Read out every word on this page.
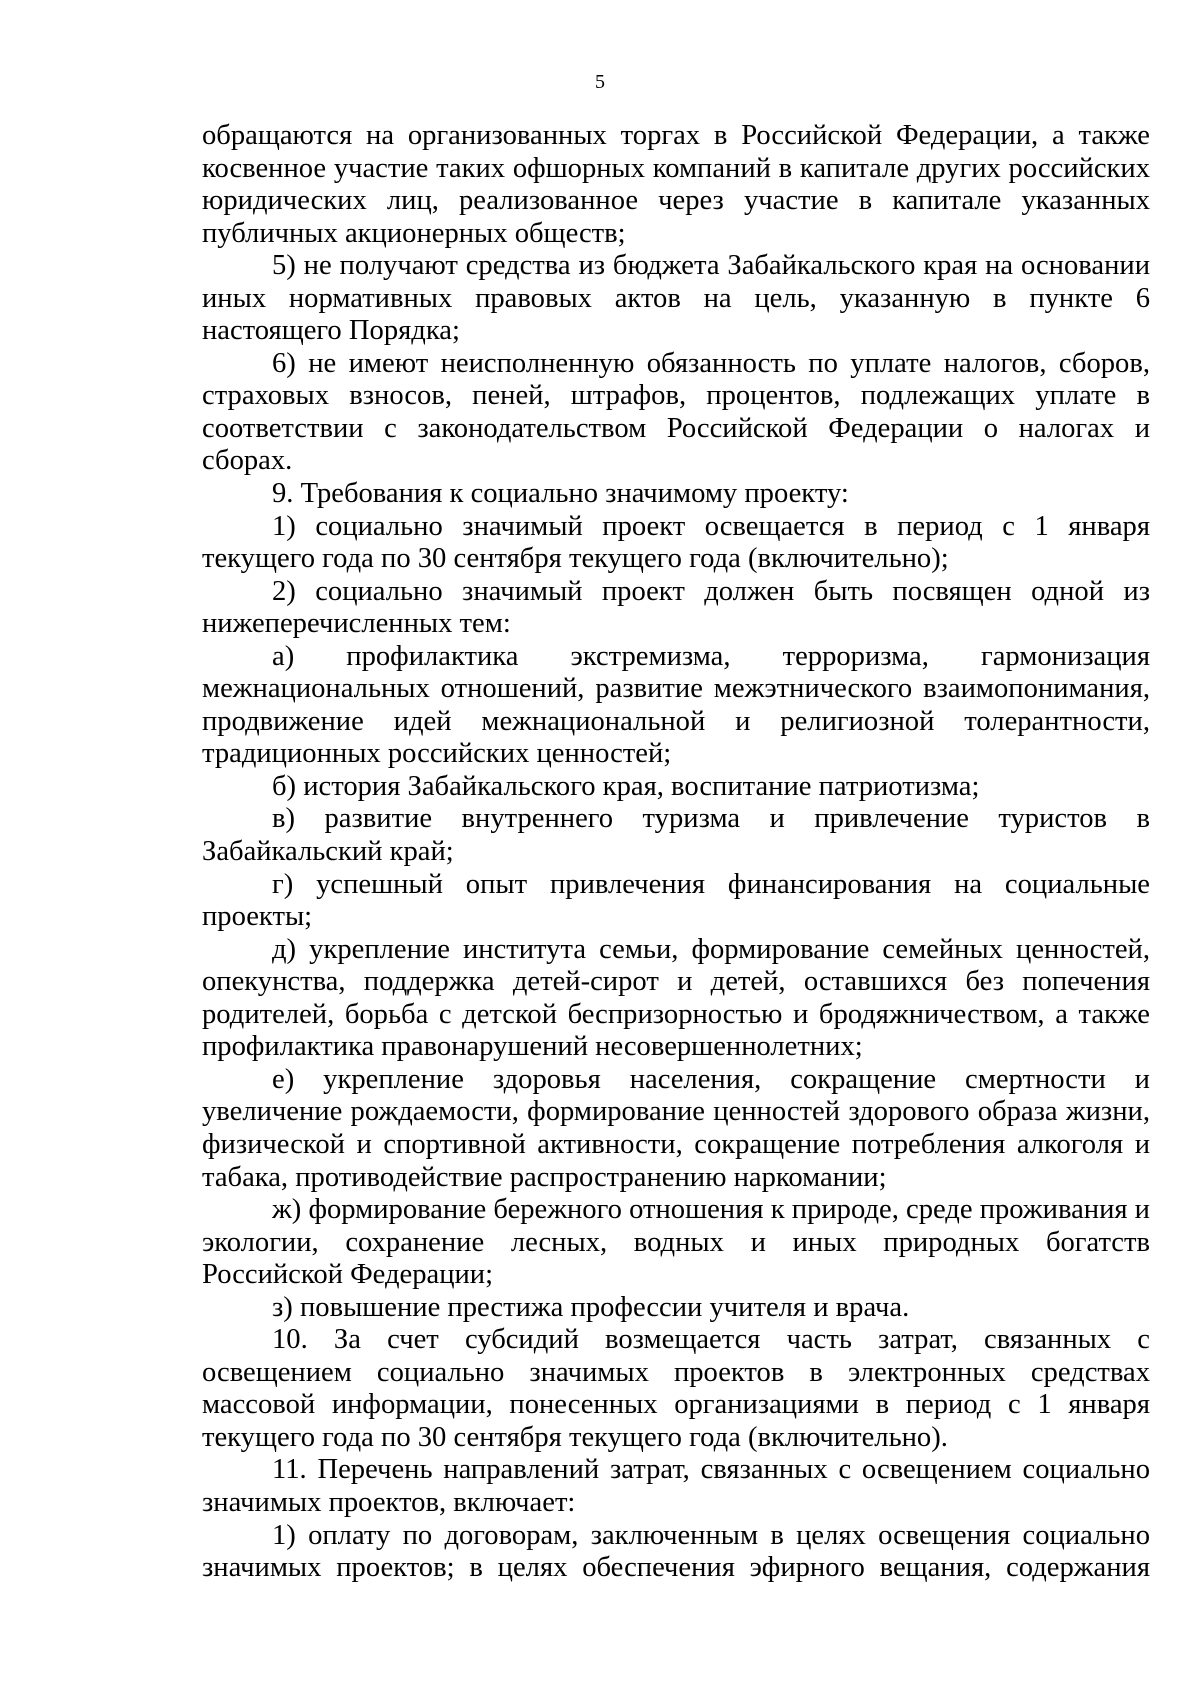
5

обращаются на организованных торгах в Российской Федерации, а также косвенное участие таких офшорных компаний в капитале других российских юридических лиц, реализованное через участие в капитале указанных публичных акционерных обществ;

5) не получают средства из бюджета Забайкальского края на основании иных нормативных правовых актов на цель, указанную в пункте 6 настоящего Порядка;

6) не имеют неисполненную обязанность по уплате налогов, сборов, страховых взносов, пеней, штрафов, процентов, подлежащих уплате в соответствии с законодательством Российской Федерации о налогах и сборах.

9. Требования к социально значимому проекту:

1) социально значимый проект освещается в период с 1 января текущего года по 30 сентября текущего года (включительно);

2) социально значимый проект должен быть посвящен одной из нижеперечисленных тем:

а) профилактика экстремизма, терроризма, гармонизация межнациональных отношений, развитие межэтнического взаимопонимания, продвижение идей межнациональной и религиозной толерантности, традиционных российских ценностей;

б) история Забайкальского края, воспитание патриотизма;

в) развитие внутреннего туризма и привлечение туристов в Забайкальский край;

г) успешный опыт привлечения финансирования на социальные проекты;

д) укрепление института семьи, формирование семейных ценностей, опекунства, поддержка детей-сирот и детей, оставшихся без попечения родителей, борьба с детской беспризорностью и бродяжничеством, а также профилактика правонарушений несовершеннолетних;

е) укрепление здоровья населения, сокращение смертности и увеличение рождаемости, формирование ценностей здорового образа жизни, физической и спортивной активности, сокращение потребления алкоголя и табака, противодействие распространению наркомании;

ж) формирование бережного отношения к природе, среде проживания и экологии, сохранение лесных, водных и иных природных богатств Российской Федерации;

з) повышение престижа профессии учителя и врача.

10. За счет субсидий возмещается часть затрат, связанных с освещением социально значимых проектов в электронных средствах массовой информации, понесенных организациями в период с 1 января текущего года по 30 сентября текущего года (включительно).

11. Перечень направлений затрат, связанных с освещением социально значимых проектов, включает:

1) оплату по договорам, заключенным в целях освещения социально значимых проектов; в целях обеспечения эфирного вещания, содержания
